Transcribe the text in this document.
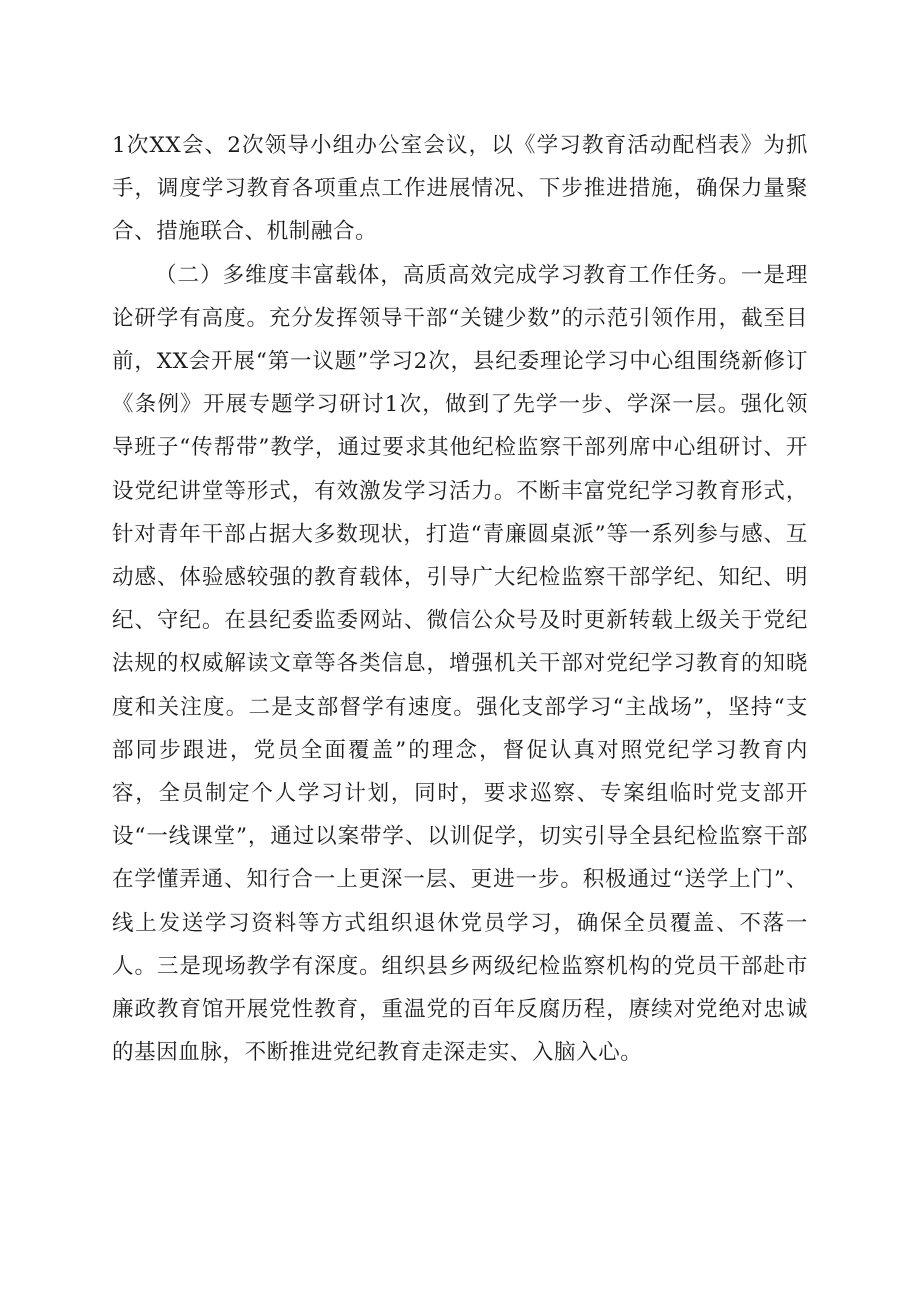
1次XX会、2次领导小组办公室会议，以《学习教育活动配档表》为抓手，调度学习教育各项重点工作进展情况、下步推进措施，确保力量聚合、措施联合、机制融合。

（二）多维度丰富载体，高质高效完成学习教育工作任务。一是理论研学有高度。充分发挥领导干部“关键少数”的示范引领作用，截至目前，XX会开展“第一议题”学习2次，县纪委理论学习中心组围绕新修订《条例》开展专题学习研讨1次，做到了先学一步、学深一层。强化领导班子“传帮带”教学，通过要求其他纪检监察干部列席中心组研讨、开设党纪讲堂等形式，有效激发学习活力。不断丰富党纪学习教育形式，针对青年干部占据大多数现状，打造“青廉圆桌派”等一系列参与感、互动感、体验感较强的教育载体，引导广大纪检监察干部学纪、知纪、明纪、守纪。在县纪委监委网站、微信公众号及时更新转载上级关于党纪法规的权威解读文章等各类信息，增强机关干部对党纪学习教育的知晓度和关注度。二是支部督学有速度。强化支部学习“主战场”，坚持“支部同步跟进，党员全面覆盖”的理念，督促认真对照党纪学习教育内容，全员制定个人学习计划，同时，要求巡察、专案组临时党支部开设“一线课堂”，通过以案带学、以训促学，切实引导全县纪检监察干部在学懂弄通、知行合一上更深一层、更进一步。积极通过“送学上门”、线上发送学习资料等方式组织退休党员学习，确保全员覆盖、不落一人。三是现场教学有深度。组织县乡两级纪检监察机构的党员干部赴市廉政教育馆开展党性教育，重温党的百年反腐历程，赓续对党绝对忠诚的基因血脉，不断推进党纪教育走深走实、入脑入心。
